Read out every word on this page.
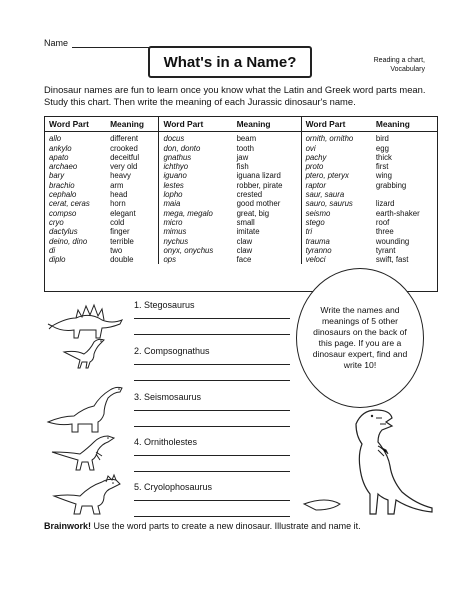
Name
What's in a Name?	Reading a chart,
Vocabulary
Dinosaur names are fun to learn once you know what the Latin and Greek word parts mean. Study this chart. Then write the meaning of each Jurassic dinosaur's name.
Word Part	Meaning	Word Part	Meaning	Word Part	Meaning
allo	different	docus	beam	ornith, ornitho	bird
ankylo	crooked	don, donto	tooth	ovi	egg
apato	deceitful	gnathus	jaw	pachy	thick
archaeo	very old	ichthyo	fish	proto	first
bary	heavy	iguano	iguana lizard	ptero, pteryx	wing
brachio	arm	lestes	robber, pirate	raptor	grabbing
cephalo	head	lopho	crested	saur, saura	
cerat, ceras	horn	maia	good mother	sauro, saurus	lizard
compso	elegant	mega, megalo	great, big	seismo	earth-shaker
cryo	cold	micro	small	stego	roof
dactylus	finger	mimus	imitate	tri	three
deino, dino	terrible	nychus	claw	trauma	wounding
di	two	onyx, onychus	claw	tyranno	tyrant
diplo	double	ops	face	veloci	swift, fast
1. Stegosaurus
2. Compsognathus
3. Seismosaurus
4. Ornitholestes
5. Cryolophosaurus
Write the names and meanings of 5 other dinosaurs on the back of this page. If you are a dinosaur expert, find and write 10!
Brainwork! Use the word parts to create a new dinosaur. Illustrate and name it.
